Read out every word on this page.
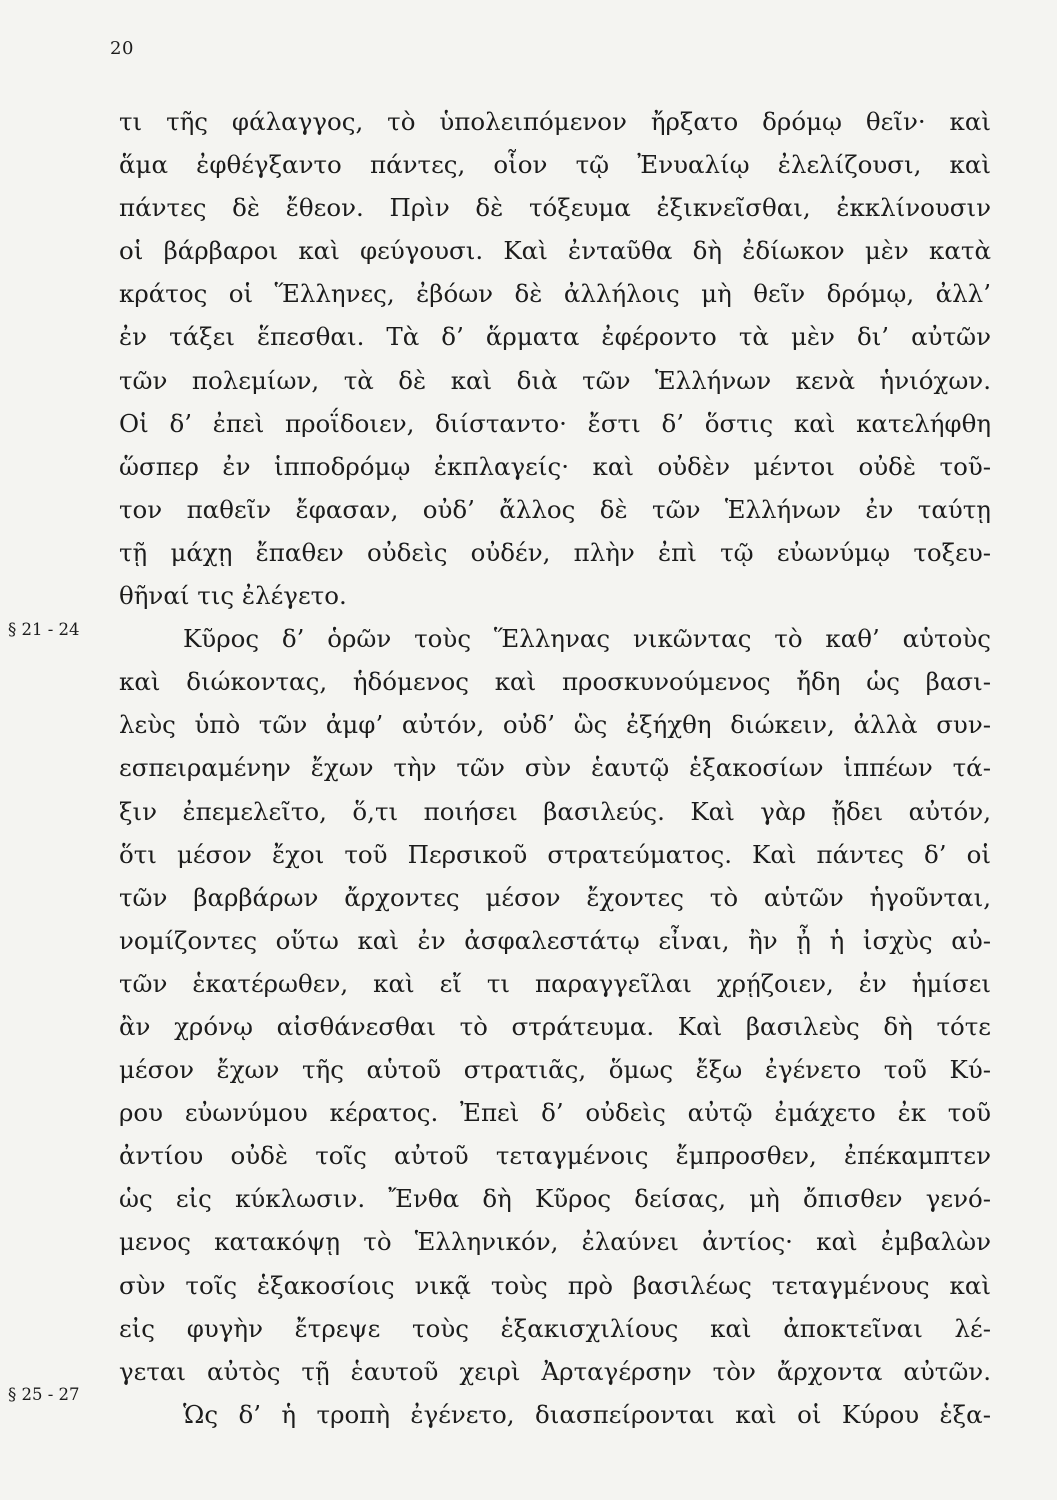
20
§ 21 - 24
§ 25 - 27
τι τῆς φάλαγγος, τὸ ὑπολειπόμενον ἤρξατο δρόμῳ θεῖν· καὶ
ἅμα ἐφθέγξαντο πάντες, οἷον τῷ Ἐνυαλίῳ ἐλελίζουσι, καὶ
πάντες δὲ ἔθεον. Πρὶν δὲ τόξευμα ἐξικνεῖσθαι, ἐκκλίνουσιν
οἱ βάρβαροι καὶ φεύγουσι. Καὶ ἐνταῦθα δὴ ἐδίωκον μὲν κατὰ
κράτος οἱ Ἕλληνες, ἐβόων δὲ ἀλλήλοις μὴ θεῖν δρόμῳ, ἀλλ’
ἐν τάξει ἕπεσθαι. Τὰ δ’ ἅρματα ἐφέροντο τὰ μὲν δι’ αὐτῶν
τῶν πολεμίων, τὰ δὲ καὶ διὰ τῶν Ἑλλήνων κενὰ ἡνιόχων.
Οἱ δ’ ἐπεὶ προΐδοιεν, διίσταντο· ἔστι δ’ ὅστις καὶ κατελήφθη
ὥσπερ ἐν ἱπποδρόμῳ ἐκπλαγείς· καὶ οὐδὲν μέντοι οὐδὲ τοῦ-
τον παθεῖν ἔφασαν, οὐδ’ ἄλλος δὲ τῶν Ἑλλήνων ἐν ταύτῃ
τῇ μάχῃ ἔπαθεν οὐδεὶς οὐδέν, πλὴν ἐπὶ τῷ εὐωνύμῳ τοξευ-
θῆναί τις ἐλέγετο.
Κῦρος δ’ ὁρῶν τοὺς Ἕλληνας νικῶντας τὸ καθ’ αὑτοὺς
καὶ διώκοντας, ἡδόμενος καὶ προσκυνούμενος ἤδη ὡς βασι-
λεὺς ὑπὸ τῶν ἀμφ’ αὐτόν, οὐδ’ ὣς ἐξήχθη διώκειν, ἀλλὰ συν-
εσπειραμένην ἔχων τὴν τῶν σὺν ἑαυτῷ ἑξακοσίων ἱππέων τά-
ξιν ἐπεμελεῖτο, ὅ,τι ποιήσει βασιλεύς. Καὶ γὰρ ᾔδει αὐτόν,
ὅτι μέσον ἔχοι τοῦ Περσικοῦ στρατεύματος. Καὶ πάντες δ’ οἱ
τῶν βαρβάρων ἄρχοντες μέσον ἔχοντες τὸ αὑτῶν ἡγοῦνται,
νομίζοντες οὕτω καὶ ἐν ἀσφαλεστάτῳ εἶναι, ἢν ᾖ ἡ ἰσχὺς αὐ-
τῶν ἑκατέρωθεν, καὶ εἴ τι παραγγεῖλαι χρῄζοιεν, ἐν ἡμίσει
ἂν χρόνῳ αἰσθάνεσθαι τὸ στράτευμα. Καὶ βασιλεὺς δὴ τότε
μέσον ἔχων τῆς αὑτοῦ στρατιᾶς, ὅμως ἔξω ἐγένετο τοῦ Κύ-
ρου εὐωνύμου κέρατος. Ἐπεὶ δ’ οὐδεὶς αὐτῷ ἐμάχετο ἐκ τοῦ
ἀντίου οὐδὲ τοῖς αὐτοῦ τεταγμένοις ἔμπροσθεν, ἐπέκαμπτεν
ὡς εἰς κύκλωσιν. Ἔνθα δὴ Κῦρος δείσας, μὴ ὄπισθεν γενό-
μενος κατακόψῃ τὸ Ἑλληνικόν, ἐλαύνει ἀντίος· καὶ ἐμβαλὼν
σὺν τοῖς ἑξακοσίοις νικᾷ τοὺς πρὸ βασιλέως τεταγμένους καὶ
εἰς φυγὴν ἔτρεψε τοὺς ἑξακισχιλίους καὶ ἀποκτεῖναι λέ-
γεται αὐτὸς τῇ ἑαυτοῦ χειρὶ Ἀρταγέρσην τὸν ἄρχοντα αὐτῶν.
Ὡς δ’ ἡ τροπὴ ἐγένετο, διασπείρονται καὶ οἱ Κύρου ἑξα-
